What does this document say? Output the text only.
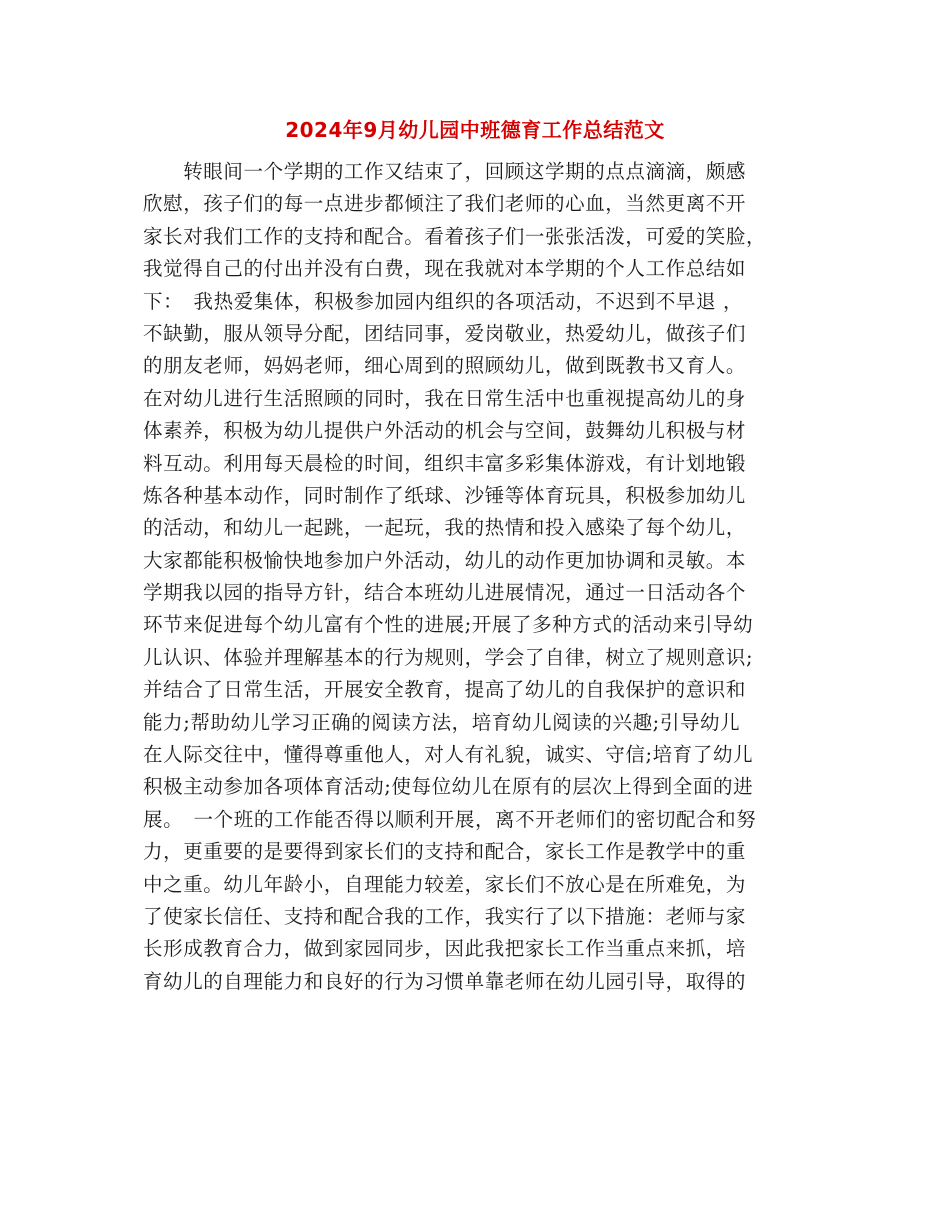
2024年9月幼儿园中班德育工作总结范文
　　转眼间一个学期的工作又结束了，回顾这学期的点点滴滴，颇感
欣慰，孩子们的每一点进步都倾注了我们老师的心血，当然更离不开
家长对我们工作的支持和配合。看着孩子们一张张活泼，可爱的笑脸，
我觉得自己的付出并没有白费，现在我就对本学期的个人工作总结如
下：　我热爱集体，积极参加园内组织的各项活动，不迟到不早退 ，
不缺勤，服从领导分配，团结同事，爱岗敬业，热爱幼儿，做孩子们
的朋友老师，妈妈老师，细心周到的照顾幼儿，做到既教书又育人。
在对幼儿进行生活照顾的同时，我在日常生活中也重视提高幼儿的身
体素养，积极为幼儿提供户外活动的机会与空间，鼓舞幼儿积极与材
料互动。利用每天晨检的时间，组织丰富多彩集体游戏，有计划地锻
炼各种基本动作，同时制作了纸球、沙锤等体育玩具，积极参加幼儿
的活动，和幼儿一起跳，一起玩，我的热情和投入感染了每个幼儿，
大家都能积极愉快地参加户外活动，幼儿的动作更加协调和灵敏。本
学期我以园的指导方针，结合本班幼儿进展情况，通过一日活动各个
环节来促进每个幼儿富有个性的进展;开展了多种方式的活动来引导幼
儿认识、体验并理解基本的行为规则，学会了自律，树立了规则意识;
并结合了日常生活，开展安全教育，提高了幼儿的自我保护的意识和
能力;帮助幼儿学习正确的阅读方法，培育幼儿阅读的兴趣;引导幼儿
在人际交往中，懂得尊重他人，对人有礼貌，诚实、守信;培育了幼儿
积极主动参加各项体育活动;使每位幼儿在原有的层次上得到全面的进
展。　一个班的工作能否得以顺利开展，离不开老师们的密切配合和努
力，更重要的是要得到家长们的支持和配合，家长工作是教学中的重
中之重。幼儿年龄小，自理能力较差，家长们不放心是在所难免，为
了使家长信任、支持和配合我的工作，我实行了以下措施：老师与家
长形成教育合力，做到家园同步，因此我把家长工作当重点来抓，培
育幼儿的自理能力和良好的行为习惯单靠老师在幼儿园引导，取得的
